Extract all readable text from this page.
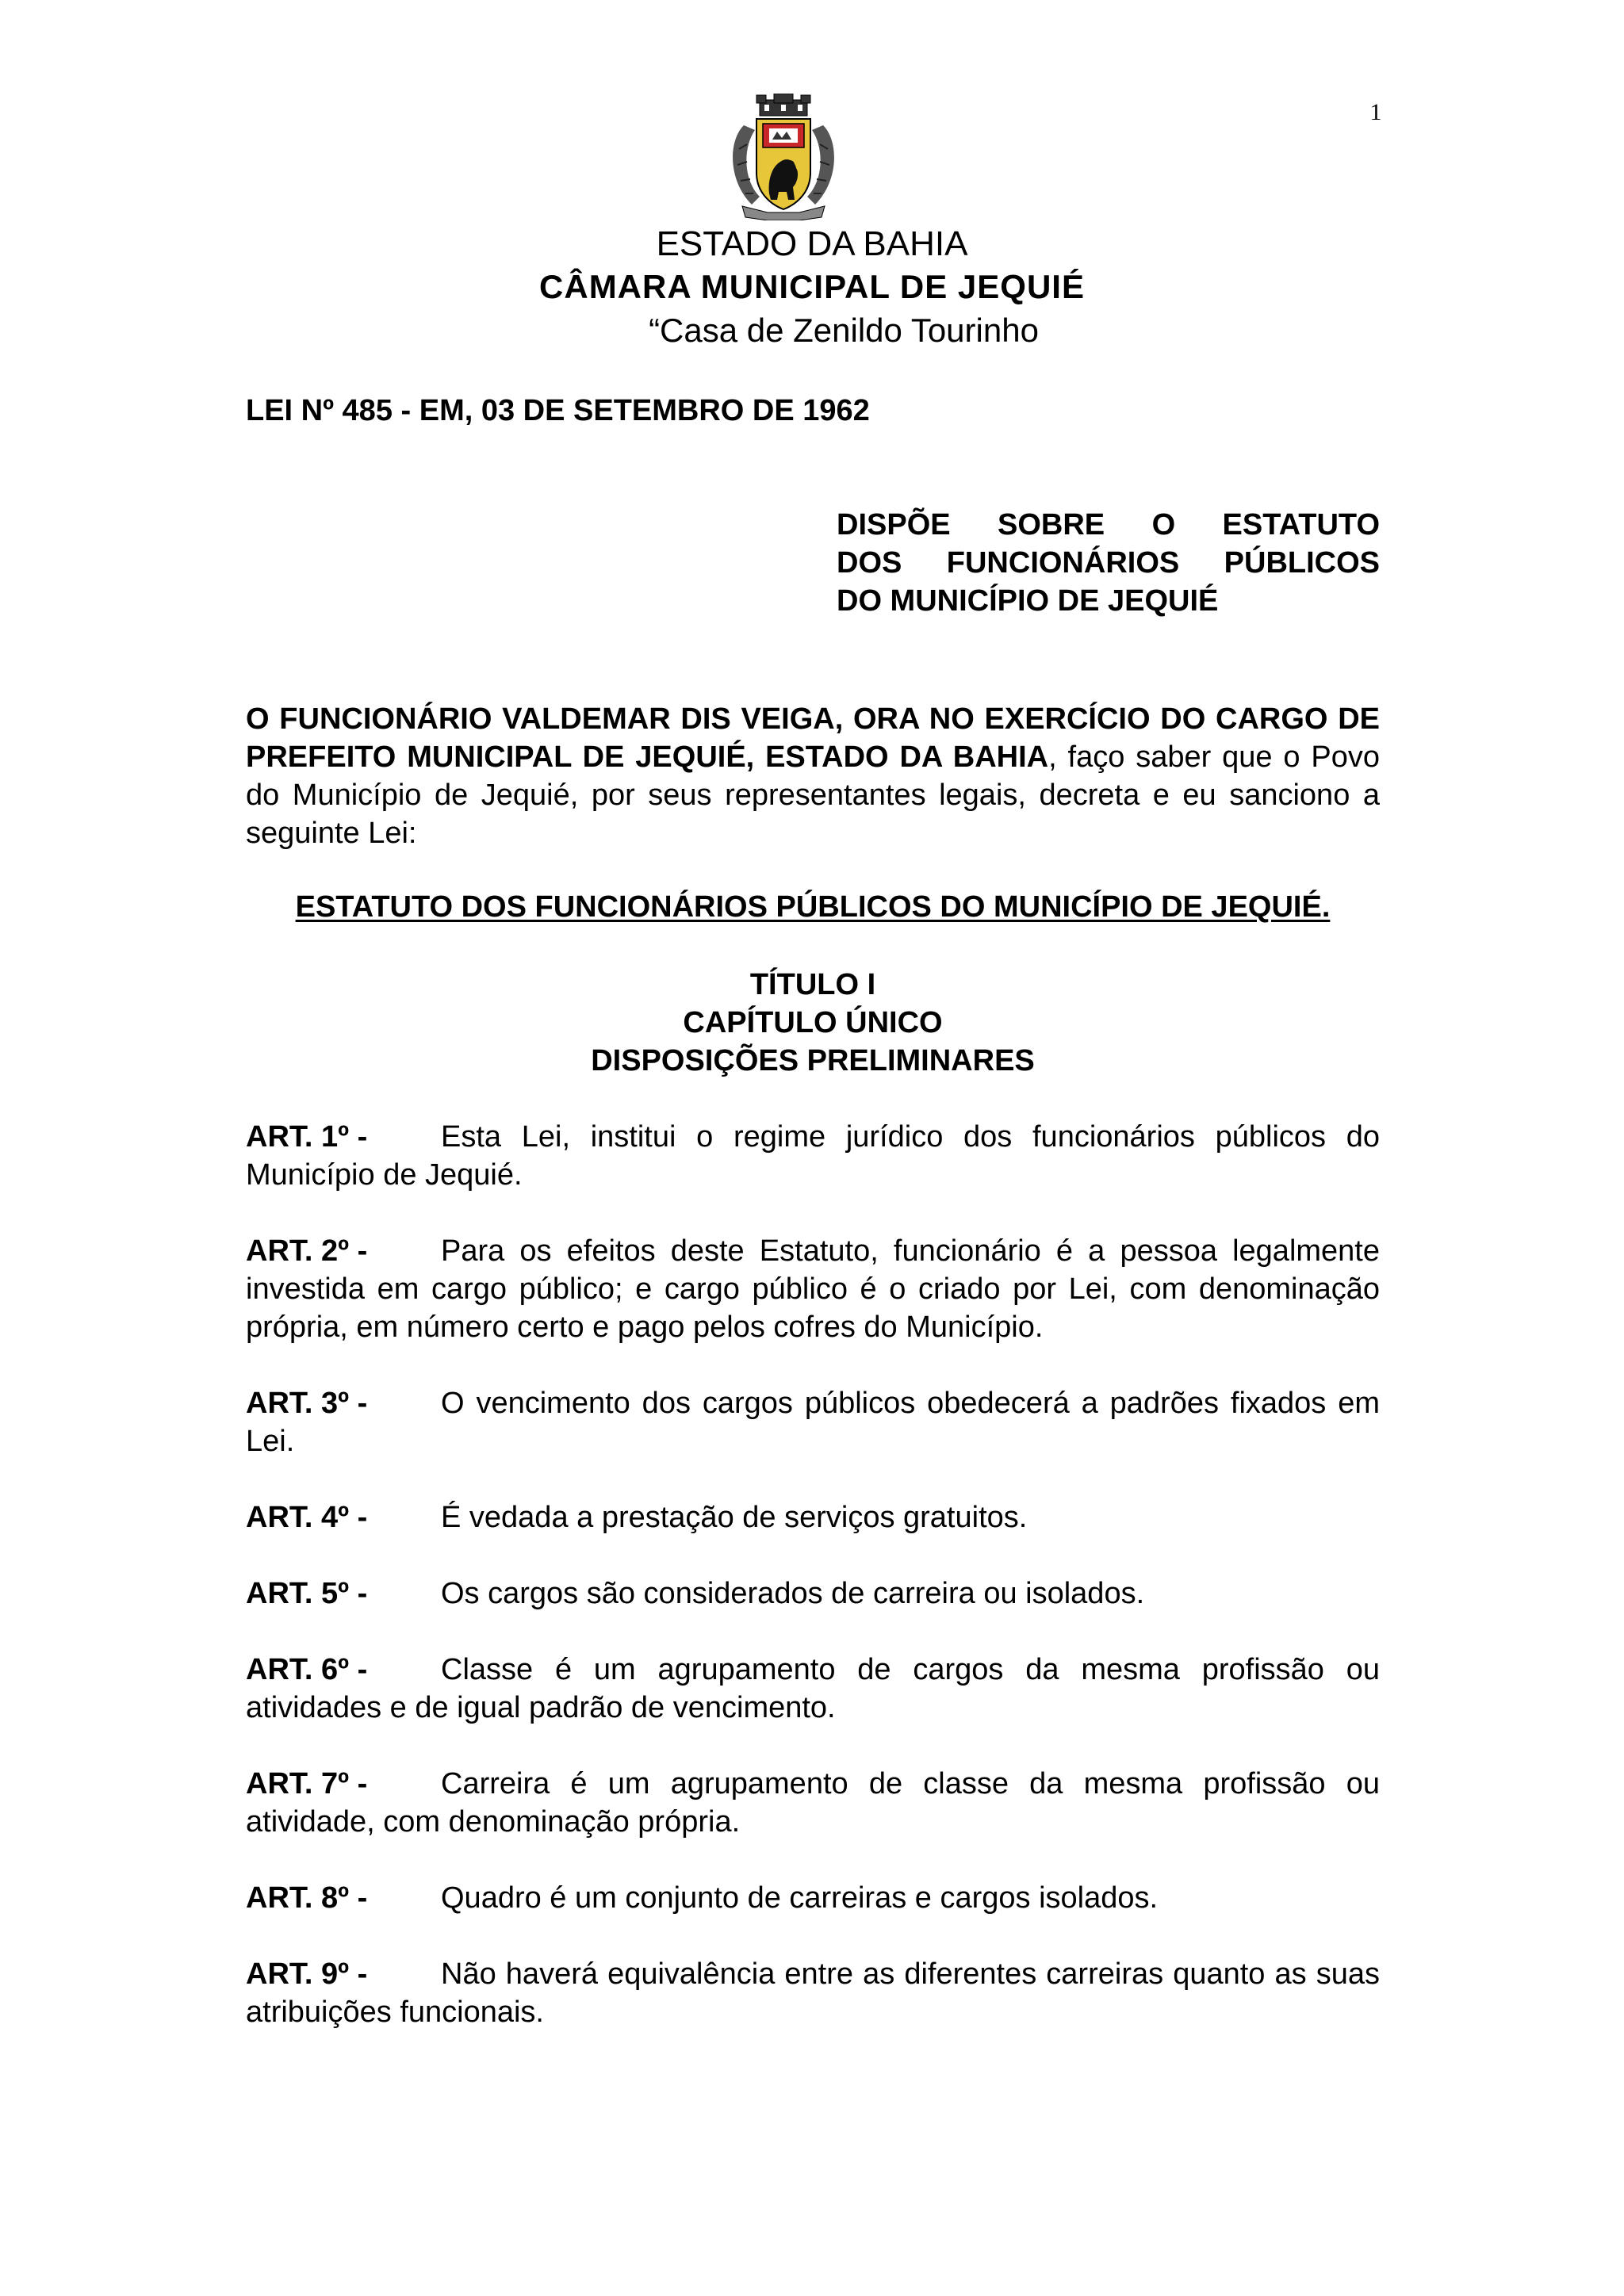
1
ESTADO DA BAHIA
CÂMARA MUNICIPAL DE JEQUIÉ
“Casa de Zenildo Tourinho
LEI Nº 485 - EM, 03 DE SETEMBRO DE 1962
DISPÕE SOBRE O ESTATUTO
DOS FUNCIONÁRIOS PÚBLICOS
DO MUNICÍPIO DE JEQUIÉ
O FUNCIONÁRIO VALDEMAR DIS VEIGA, ORA NO EXERCÍCIO DO CARGO DE PREFEITO MUNICIPAL DE JEQUIÉ, ESTADO DA BAHIA, faço saber que o Povo do Município de Jequié, por seus representantes legais, decreta e eu sanciono a seguinte Lei:
ESTATUTO DOS FUNCIONÁRIOS PÚBLICOS DO MUNICÍPIO DE JEQUIÉ.
TÍTULO I
CAPÍTULO ÚNICO
DISPOSIÇÕES PRELIMINARES
ART. 1º - Esta Lei, institui o regime jurídico dos funcionários públicos do Município de Jequié.
ART. 2º - Para os efeitos deste Estatuto, funcionário é a pessoa legalmente investida em cargo público; e cargo público é o criado por Lei, com denominação própria, em número certo e pago pelos cofres do Município.
ART. 3º - O vencimento dos cargos públicos obedecerá a padrões fixados em Lei.
ART. 4º - É vedada a prestação de serviços gratuitos.
ART. 5º - Os cargos são considerados de carreira ou isolados.
ART. 6º - Classe é um agrupamento de cargos da mesma profissão ou atividades e de igual padrão de vencimento.
ART. 7º - Carreira é um agrupamento de classe da mesma profissão ou atividade, com denominação própria.
ART. 8º - Quadro é um conjunto de carreiras e cargos isolados.
ART. 9º - Não haverá equivalência entre as diferentes carreiras quanto as suas atribuições funcionais.
